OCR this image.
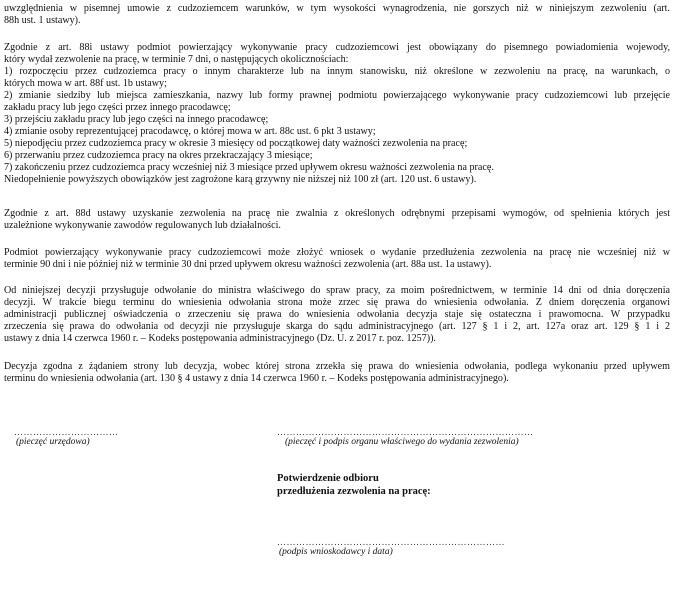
uwzględnienia w pisemnej umowie z cudzoziemcem warunków, w tym wysokości wynagrodzenia, nie gorszych niż w niniejszym zezwoleniu (art.
88h ust. 1 ustawy).
Zgodnie z art. 88i ustawy podmiot powierzający wykonywanie pracy cudzoziemcowi jest obowiązany do pisemnego powiadomienia wojewody,
który wydał zezwolenie na pracę, w terminie 7 dni, o następujących okolicznościach:
1) rozpoczęciu przez cudzoziemca pracy o innym charakterze lub na innym stanowisku, niż określone w zezwoleniu na pracę, na warunkach, o
których mowa w art. 88f ust. 1b ustawy;
2) zmianie siedziby lub miejsca zamieszkania, nazwy lub formy prawnej podmiotu powierzającego wykonywanie pracy cudzoziemcowi lub przejęcie
zakładu pracy lub jego części przez innego pracodawcę;
3) przejściu zakładu pracy lub jego części na innego pracodawcę;
4) zmianie osoby reprezentującej pracodawcę, o której mowa w art. 88c ust. 6 pkt 3 ustawy;
5) niepodjęciu przez cudzoziemca pracy w okresie 3 miesięcy od początkowej daty ważności zezwolenia na pracę;
6) przerwaniu przez cudzoziemca pracy na okres przekraczający 3 miesiące;
7) zakończeniu przez cudzoziemca pracy wcześniej niż 3 miesiące przed upływem okresu ważności zezwolenia na pracę.
Niedopełnienie powyższych obowiązków jest zagrożone karą grzywny nie niższej niż 100 zł (art. 120 ust. 6 ustawy).
Zgodnie z art. 88d ustawy uzyskanie zezwolenia na pracę nie zwalnia z określonych odrębnymi przepisami wymogów, od spełnienia których jest
uzależnione wykonywanie zawodów regulowanych lub działalności.
Podmiot powierzający wykonywanie pracy cudzoziemcowi może złożyć wniosek o wydanie przedłużenia zezwolenia na pracę nie wcześniej niż w
terminie 90 dni i nie później niż w terminie 30 dni przed upływem okresu ważności zezwolenia (art. 88a ust. 1a ustawy).
Od niniejszej decyzji przysługuje odwołanie do ministra właściwego do spraw pracy, za moim pośrednictwem, w terminie 14 dni od dnia doręczenia
decyzji. W trakcie biegu terminu do wniesienia odwołania strona może zrzec się prawa do wniesienia odwołania. Z dniem doręczenia organowi
administracji publicznej oświadczenia o zrzeczeniu się prawa do wniesienia odwołania decyzja staje się ostateczna i prawomocna. W przypadku
zrzeczenia się prawa do odwołania od decyzji nie przysługuje skarga do sądu administracyjnego (art. 127 § 1 i 2, art. 127a oraz art. 129 § 1 i 2
ustawy z dnia 14 czerwca 1960 r. – Kodeks postępowania administracyjnego (Dz. U. z 2017 r. poz. 1257)).
Decyzja zgodna z żądaniem strony lub decyzja, wobec której strona zrzekła się prawa do wniesienia odwołania, podlega wykonaniu przed upływem
terminu do wniesienia odwołania (art. 130 § 4 ustawy z dnia 14 czerwca 1960 r. – Kodeks postępowania administracyjnego).
……………………………
(pieczęć urzędowa)
………………………………………………………………………
(pieczęć i podpis organu właściwego do wydania zezwolenia)
Potwierdzenie odbioru
przedłużenia zezwolenia na pracę:
………………………………………………………………
(podpis wnioskodawcy i data)
